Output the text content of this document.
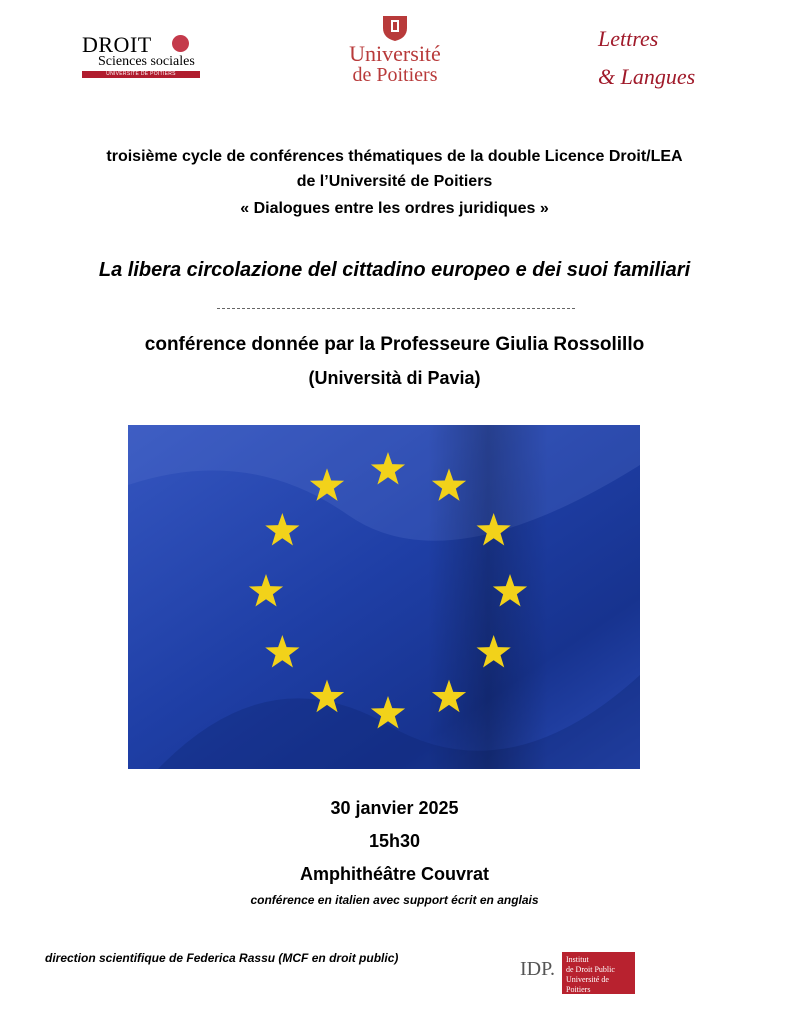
DROIT
Sciences sociales
UNIVERSITÉ DE POITIERS
Université
de Poitiers
Lettres
& Langues
troisième cycle de conférences thématiques de la double Licence Droit/LEA
de l’Université de Poitiers
« Dialogues entre les ordres juridiques »
La libera circolazione del cittadino europeo e dei suoi familiari
conférence donnée par la Professeure Giulia Rossolillo
(Università di Pavia)
30 janvier 2025
15h30
Amphithéâtre Couvrat
conférence en italien avec support écrit en anglais
direction scientifique de Federica Rassu (MCF en droit public)	IDP. Institut
de Droit Public
Université de Poitiers
